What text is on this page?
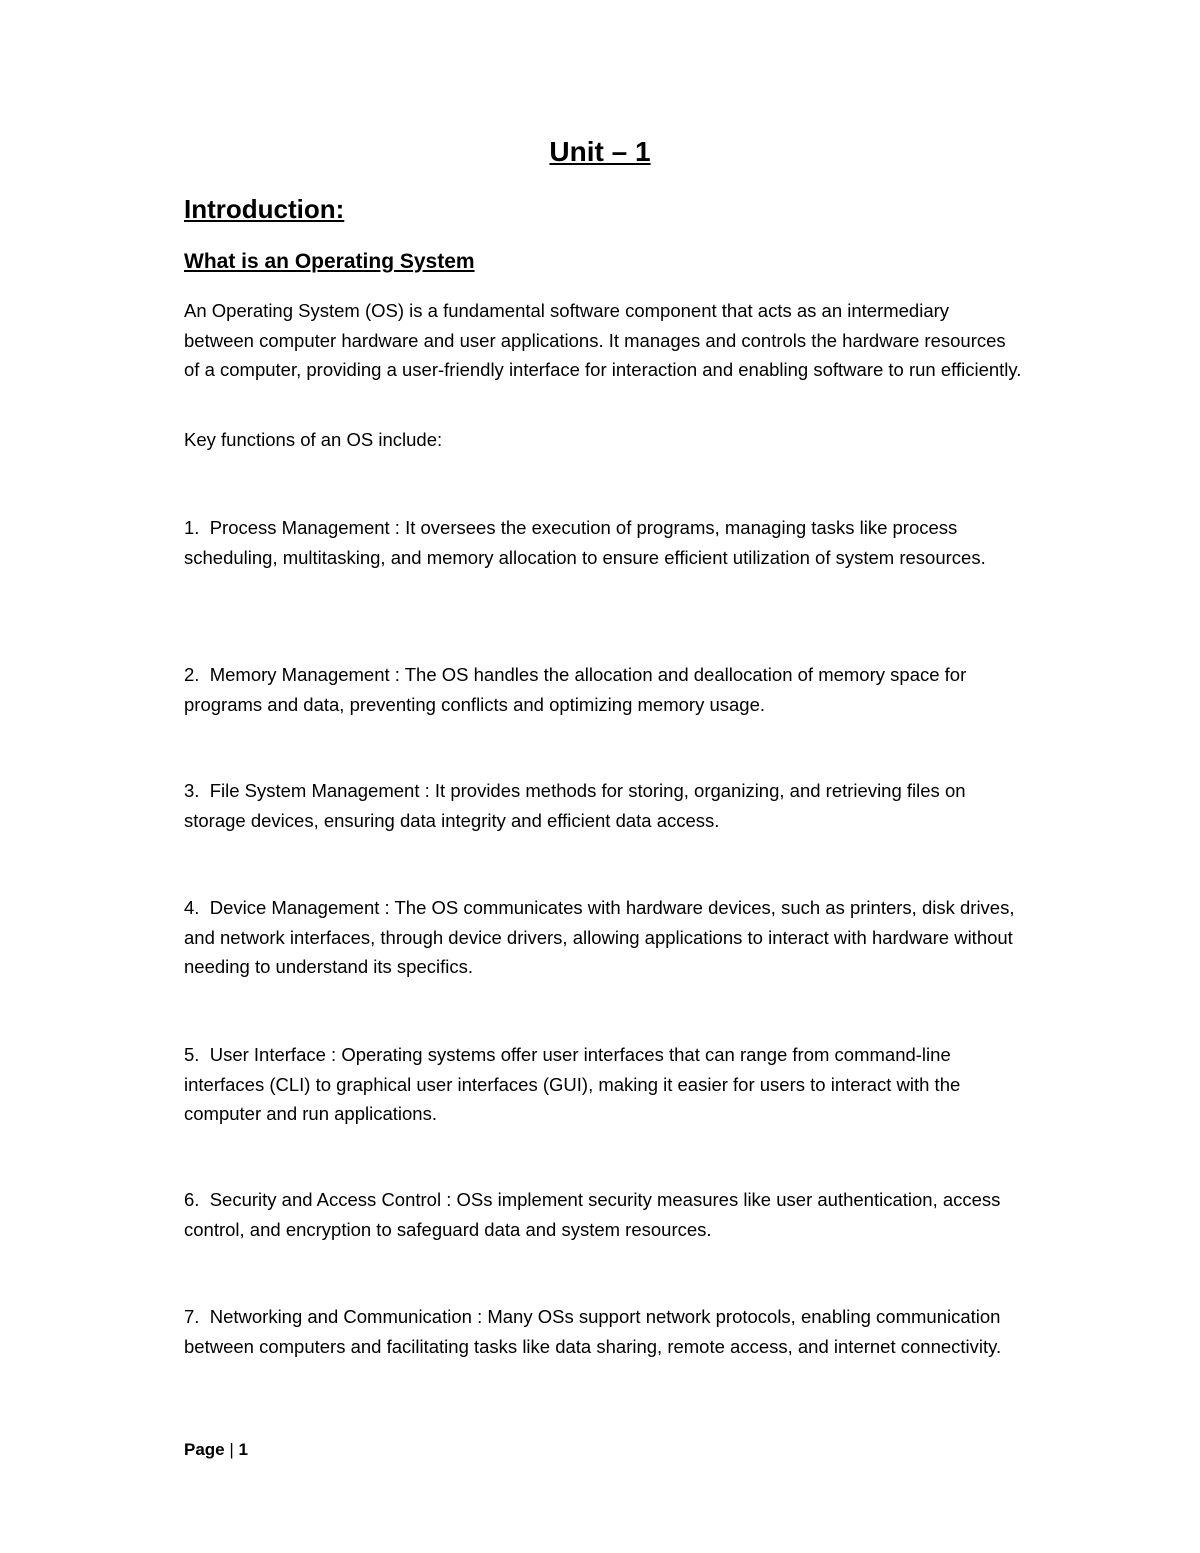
Unit – 1
Introduction:
What is an Operating System

An Operating System (OS) is a fundamental software component that acts as an intermediary between computer hardware and user applications. It manages and controls the hardware resources of a computer, providing a user-friendly interface for interaction and enabling software to run efficiently.

Key functions of an OS include:

1. Process Management : It oversees the execution of programs, managing tasks like process scheduling, multitasking, and memory allocation to ensure efficient utilization of system resources.

2. Memory Management : The OS handles the allocation and deallocation of memory space for programs and data, preventing conflicts and optimizing memory usage.

3. File System Management : It provides methods for storing, organizing, and retrieving files on storage devices, ensuring data integrity and efficient data access.

4. Device Management : The OS communicates with hardware devices, such as printers, disk drives, and network interfaces, through device drivers, allowing applications to interact with hardware without needing to understand its specifics.

5. User Interface : Operating systems offer user interfaces that can range from command-line interfaces (CLI) to graphical user interfaces (GUI), making it easier for users to interact with the computer and run applications.

6. Security and Access Control : OSs implement security measures like user authentication, access control, and encryption to safeguard data and system resources.

7. Networking and Communication : Many OSs support network protocols, enabling communication between computers and facilitating tasks like data sharing, remote access, and internet connectivity.

Page | 1
